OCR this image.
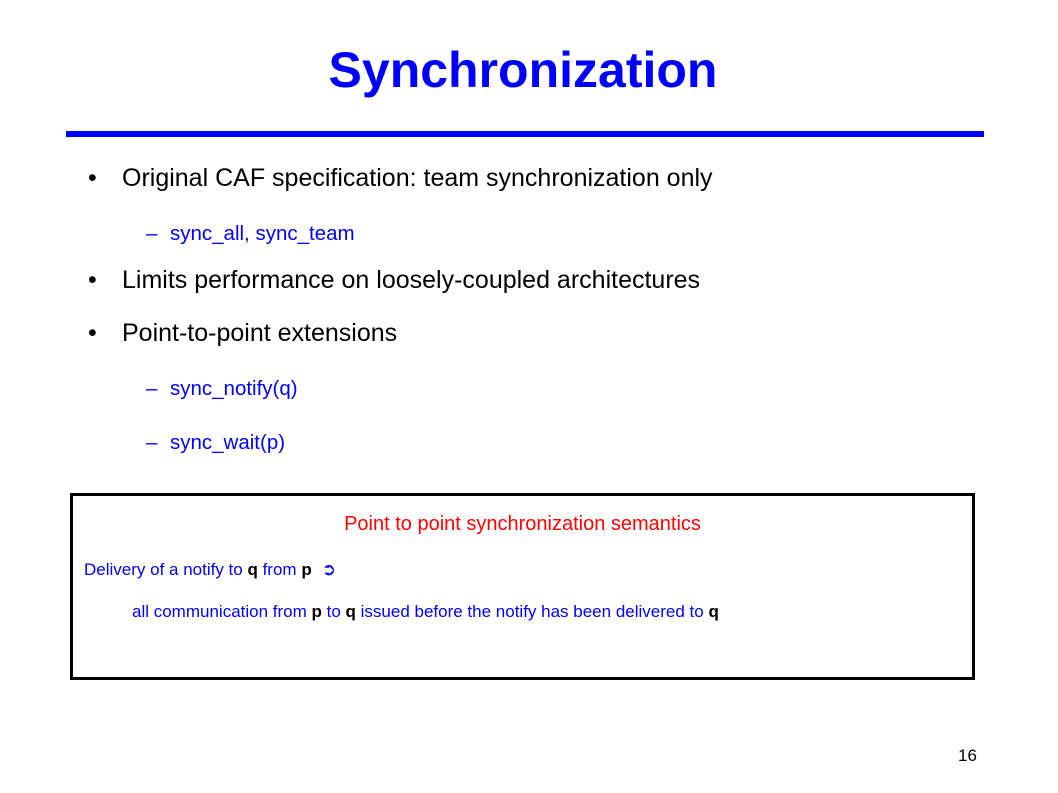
Synchronization
• Original CAF specification: team synchronization only
– sync_all, sync_team
• Limits performance on loosely-coupled architectures
• Point-to-point extensions
– sync_notify(q)
– sync_wait(p)
Point to point synchronization semantics
Delivery of a notify to q from p ➲
all communication from p to q issued before the notify has been delivered to q
16
